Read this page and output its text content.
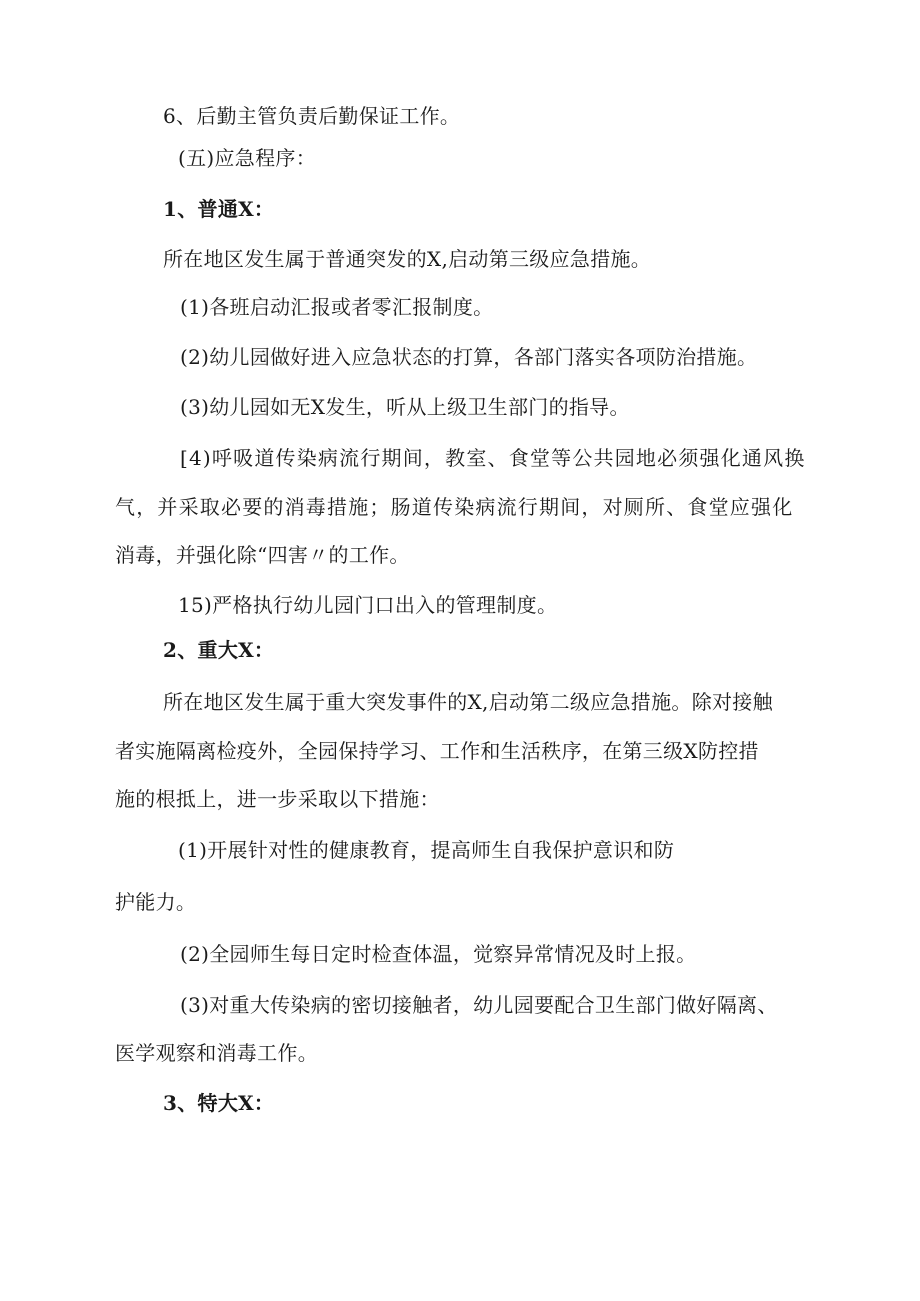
6、后勤主管负责后勤保证工作。

(五)应急程序：

1、普通X：

所在地区发生属于普通突发的X,启动第三级应急措施。

(1)各班启动汇报或者零汇报制度。

(2)幼儿园做好进入应急状态的打算，各部门落实各项防治措施。

(3)幼儿园如无X发生，听从上级卫生部门的指导。

[4)呼吸道传染病流行期间，教室、食堂等公共园地必须强化通风换

气，并采取必要的消毒措施；肠道传染病流行期间，对厕所、食堂应强化

消毒，并强化除“四害〃的工作。

15)严格执行幼儿园门口出入的管理制度。

2、重大X：

所在地区发生属于重大突发事件的X,启动第二级应急措施。除对接触

者实施隔离检疫外，全园保持学习、工作和生活秩序，在第三级X防控措

施的根抵上，进一步采取以下措施：

(1)开展针对性的健康教育，提高师生自我保护意识和防

护能力。

(2)全园师生每日定时检查体温，觉察异常情况及时上报。

(3)对重大传染病的密切接触者，幼儿园要配合卫生部门做好隔离、

医学观察和消毒工作。

3、特大X：
